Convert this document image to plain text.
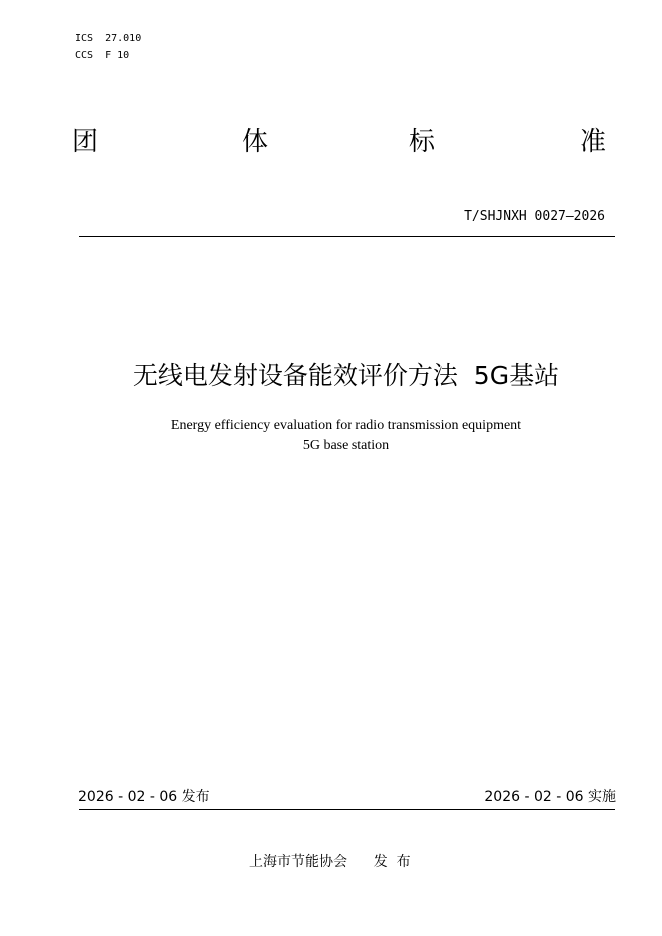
ICS  27.010
CCS  F 10
团	体	标	准
T/SHJNXH 0027—2026
无线电发射设备能效评价方法  5G基站
Energy efficiency evaluation for radio transmission equipment
5G base station
2026 - 02 - 06 发布	2026 - 02 - 06 实施
上海市节能协会      发  布
